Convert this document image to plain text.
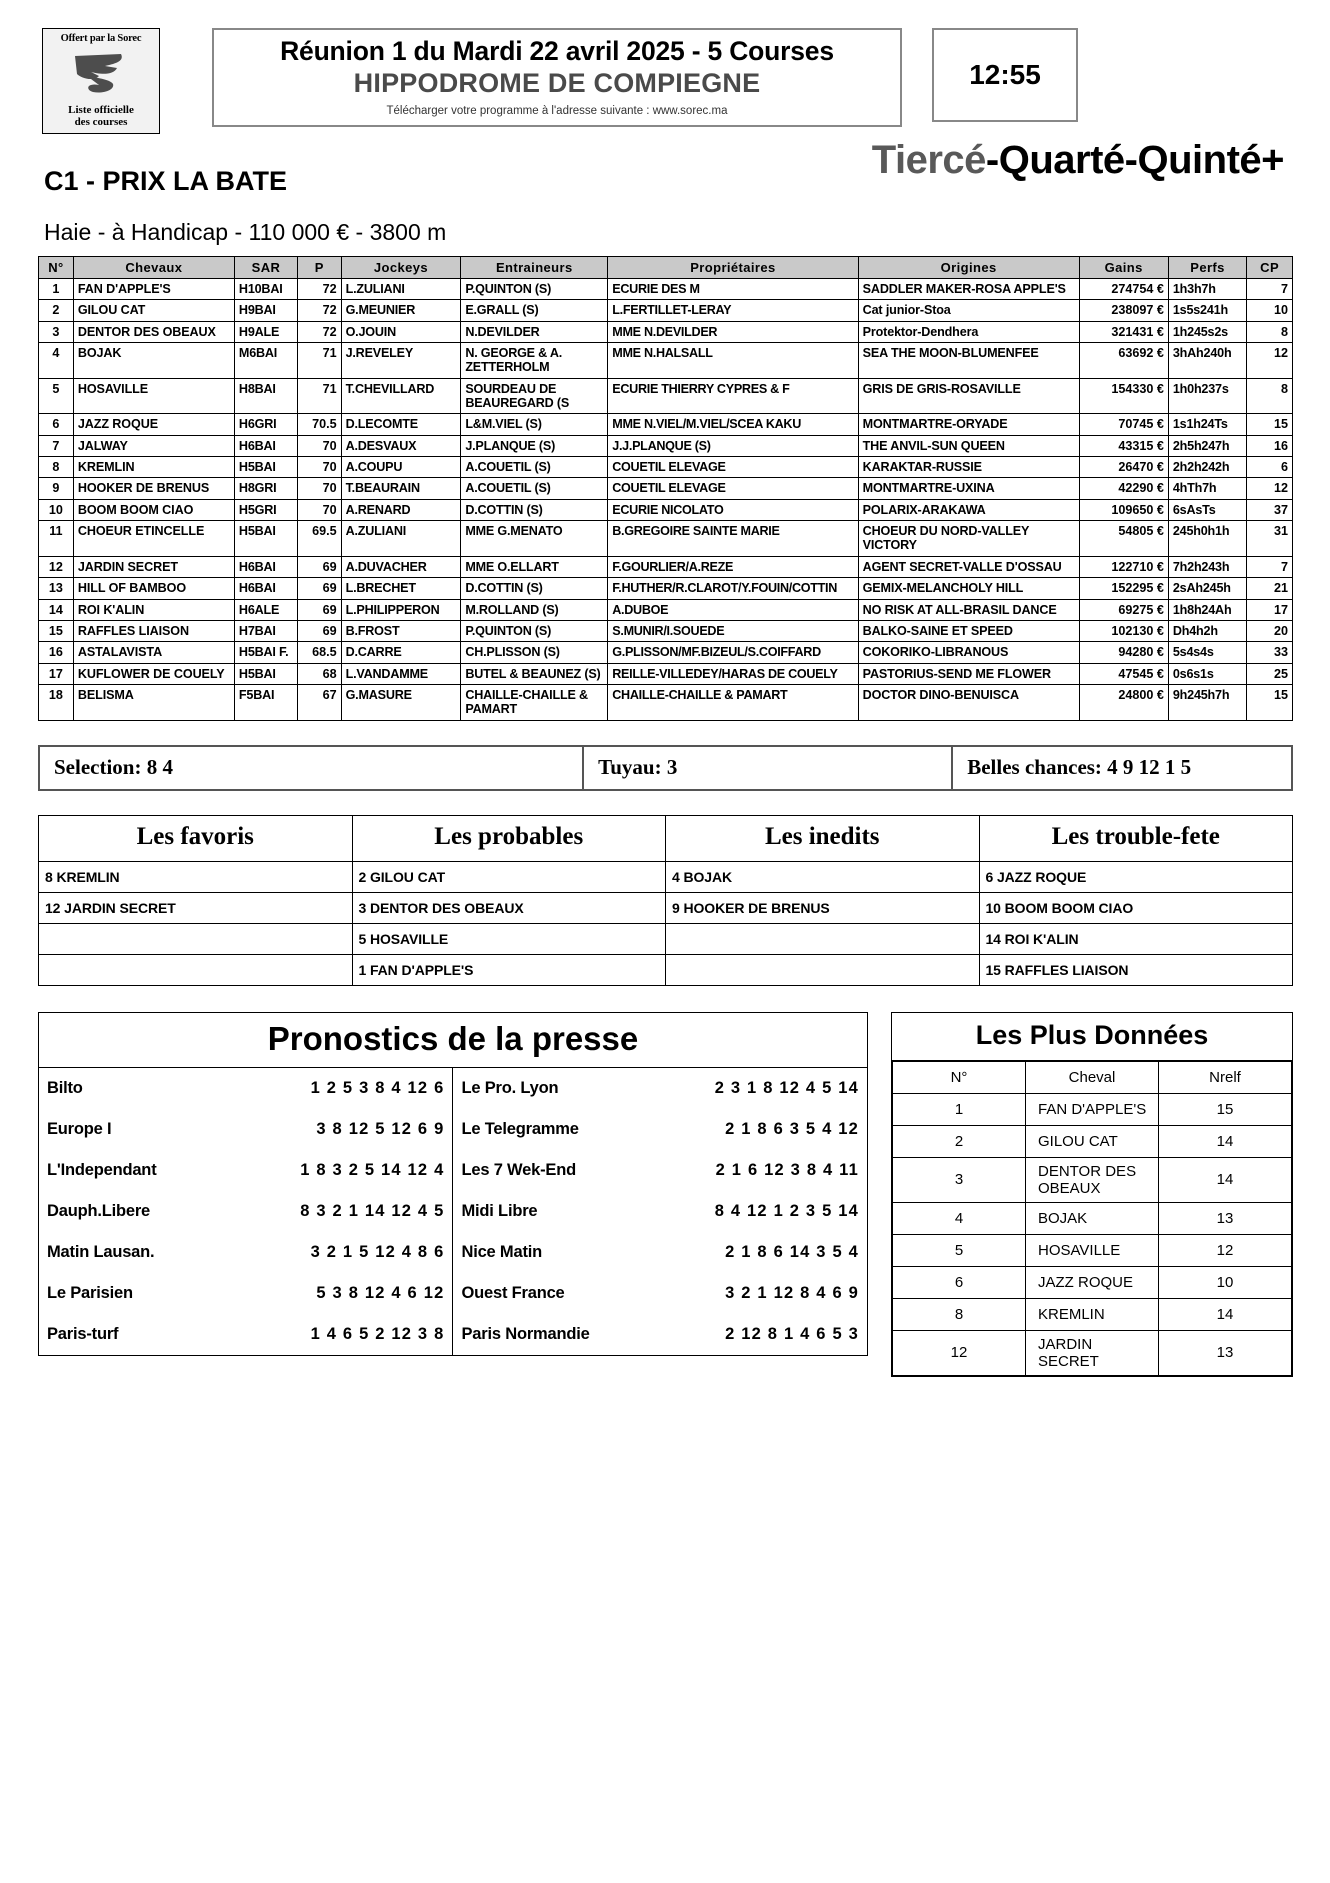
Offert par la Sorec
Liste officielle
des courses
Réunion 1 du Mardi 22 avril 2025 - 5 Courses
HIPPODROME DE COMPIEGNE
Télécharger votre programme à l'adresse suivante : www.sorec.ma
12:55
Tiercé-Quarté-Quinté+
C1 - PRIX LA BATE
Haie - à Handicap - 110 000 € - 3800 m
N°	Chevaux	SAR	P	Jockeys	Entraineurs	Propriétaires	Origines	Gains	Perfs	CP
1	FAN D'APPLE'S	H10BAI	72	L.ZULIANI	P.QUINTON (S)	ECURIE DES M	SADDLER MAKER-ROSA APPLE'S	274754 €	1h3h7h	7
2	GILOU CAT	H9BAI	72	G.MEUNIER	E.GRALL (S)	L.FERTILLET-LERAY	Cat junior-Stoa	238097 €	1s5s241h	10
3	DENTOR DES OBEAUX	H9ALE	72	O.JOUIN	N.DEVILDER	MME N.DEVILDER	Protektor-Dendhera	321431 €	1h245s2s	8
4	BOJAK	M6BAI	71	J.REVELEY	N. GEORGE & A. ZETTERHOLM	MME N.HALSALL	SEA THE MOON-BLUMENFEE	63692 €	3hAh240h	12
5	HOSAVILLE	H8BAI	71	T.CHEVILLARD	SOURDEAU DE BEAUREGARD (S	ECURIE THIERRY CYPRES & F	GRIS DE GRIS-ROSAVILLE	154330 €	1h0h237s	8
6	JAZZ ROQUE	H6GRI	70.5	D.LECOMTE	L&M.VIEL (S)	MME N.VIEL/M.VIEL/SCEA KAKU	MONTMARTRE-ORYADE	70745 €	1s1h24Ts	15
7	JALWAY	H6BAI	70	A.DESVAUX	J.PLANQUE (S)	J.J.PLANQUE (S)	THE ANVIL-SUN QUEEN	43315 €	2h5h247h	16
8	KREMLIN	H5BAI	70	A.COUPU	A.COUETIL (S)	COUETIL ELEVAGE	KARAKTAR-RUSSIE	26470 €	2h2h242h	6
9	HOOKER DE BRENUS	H8GRI	70	T.BEAURAIN	A.COUETIL (S)	COUETIL ELEVAGE	MONTMARTRE-UXINA	42290 €	4hTh7h	12
10	BOOM BOOM CIAO	H5GRI	70	A.RENARD	D.COTTIN (S)	ECURIE NICOLATO	POLARIX-ARAKAWA	109650 €	6sAsTs	37
11	CHOEUR ETINCELLE	H5BAI	69.5	A.ZULIANI	MME G.MENATO	B.GREGOIRE SAINTE MARIE	CHOEUR DU NORD-VALLEY VICTORY	54805 €	245h0h1h	31
12	JARDIN SECRET	H6BAI	69	A.DUVACHER	MME O.ELLART	F.GOURLIER/A.REZE	AGENT SECRET-VALLE D'OSSAU	122710 €	7h2h243h	7
13	HILL OF BAMBOO	H6BAI	69	L.BRECHET	D.COTTIN (S)	F.HUTHER/R.CLAROT/Y.FOUIN/COTTIN	GEMIX-MELANCHOLY HILL	152295 €	2sAh245h	21
14	ROI K'ALIN	H6ALE	69	L.PHILIPPERON	M.ROLLAND (S)	A.DUBOE	NO RISK AT ALL-BRASIL DANCE	69275 €	1h8h24Ah	17
15	RAFFLES LIAISON	H7BAI	69	B.FROST	P.QUINTON (S)	S.MUNIR/I.SOUEDE	BALKO-SAINE ET SPEED	102130 €	Dh4h2h	20
16	ASTALAVISTA	H5BAI F.	68.5	D.CARRE	CH.PLISSON (S)	G.PLISSON/MF.BIZEUL/S.COIFFARD	COKORIKO-LIBRANOUS	94280 €	5s4s4s	33
17	KUFLOWER DE COUELY	H5BAI	68	L.VANDAMME	BUTEL & BEAUNEZ (S)	REILLE-VILLEDEY/HARAS DE COUELY	PASTORIUS-SEND ME FLOWER	47545 €	0s6s1s	25
18	BELISMA	F5BAI	67	G.MASURE	CHAILLE-CHAILLE & PAMART	CHAILLE-CHAILLE & PAMART	DOCTOR DINO-BENUISCA	24800 €	9h245h7h	15
Selection: 8 4	Tuyau: 3	Belles chances: 4 9 12 1 5
Les favoris	Les probables	Les inedits	Les trouble-fete
8 KREMLIN	2 GILOU CAT	4 BOJAK	6 JAZZ ROQUE
12 JARDIN SECRET	3 DENTOR DES OBEAUX	9 HOOKER DE BRENUS	10 BOOM BOOM CIAO
	5 HOSAVILLE		14 ROI K'ALIN
	1 FAN D'APPLE'S		15 RAFFLES LIAISON
Pronostics de la presse
Bilto	1 2 5 3 8 4 12 6	Le Pro. Lyon	2 3 1 8 12 4 5 14
Europe I	3 8 12 5 12 6 9	Le Telegramme	2 1 8 6 3 5 4 12
L'Independant	1 8 3 2 5 14 12 4	Les 7 Wek-End	2 1 6 12 3 8 4 11
Dauph.Libere	8 3 2 1 14 12 4 5	Midi Libre	8 4 12 1 2 3 5 14
Matin Lausan.	3 2 1 5 12 4 8 6	Nice Matin	2 1 8 6 14 3 5 4
Le Parisien	5 3 8 12 4 6 12	Ouest France	3 2 1 12 8 4 6 9
Paris-turf	1 4 6 5 2 12 3 8	Paris Normandie	2 12 8 1 4 6 5 3
Les Plus Données
N°	Cheval	Nrelf
1	FAN D'APPLE'S	15
2	GILOU CAT	14
3	DENTOR DES OBEAUX	14
4	BOJAK	13
5	HOSAVILLE	12
6	JAZZ ROQUE	10
8	KREMLIN	14
12	JARDIN SECRET	13
